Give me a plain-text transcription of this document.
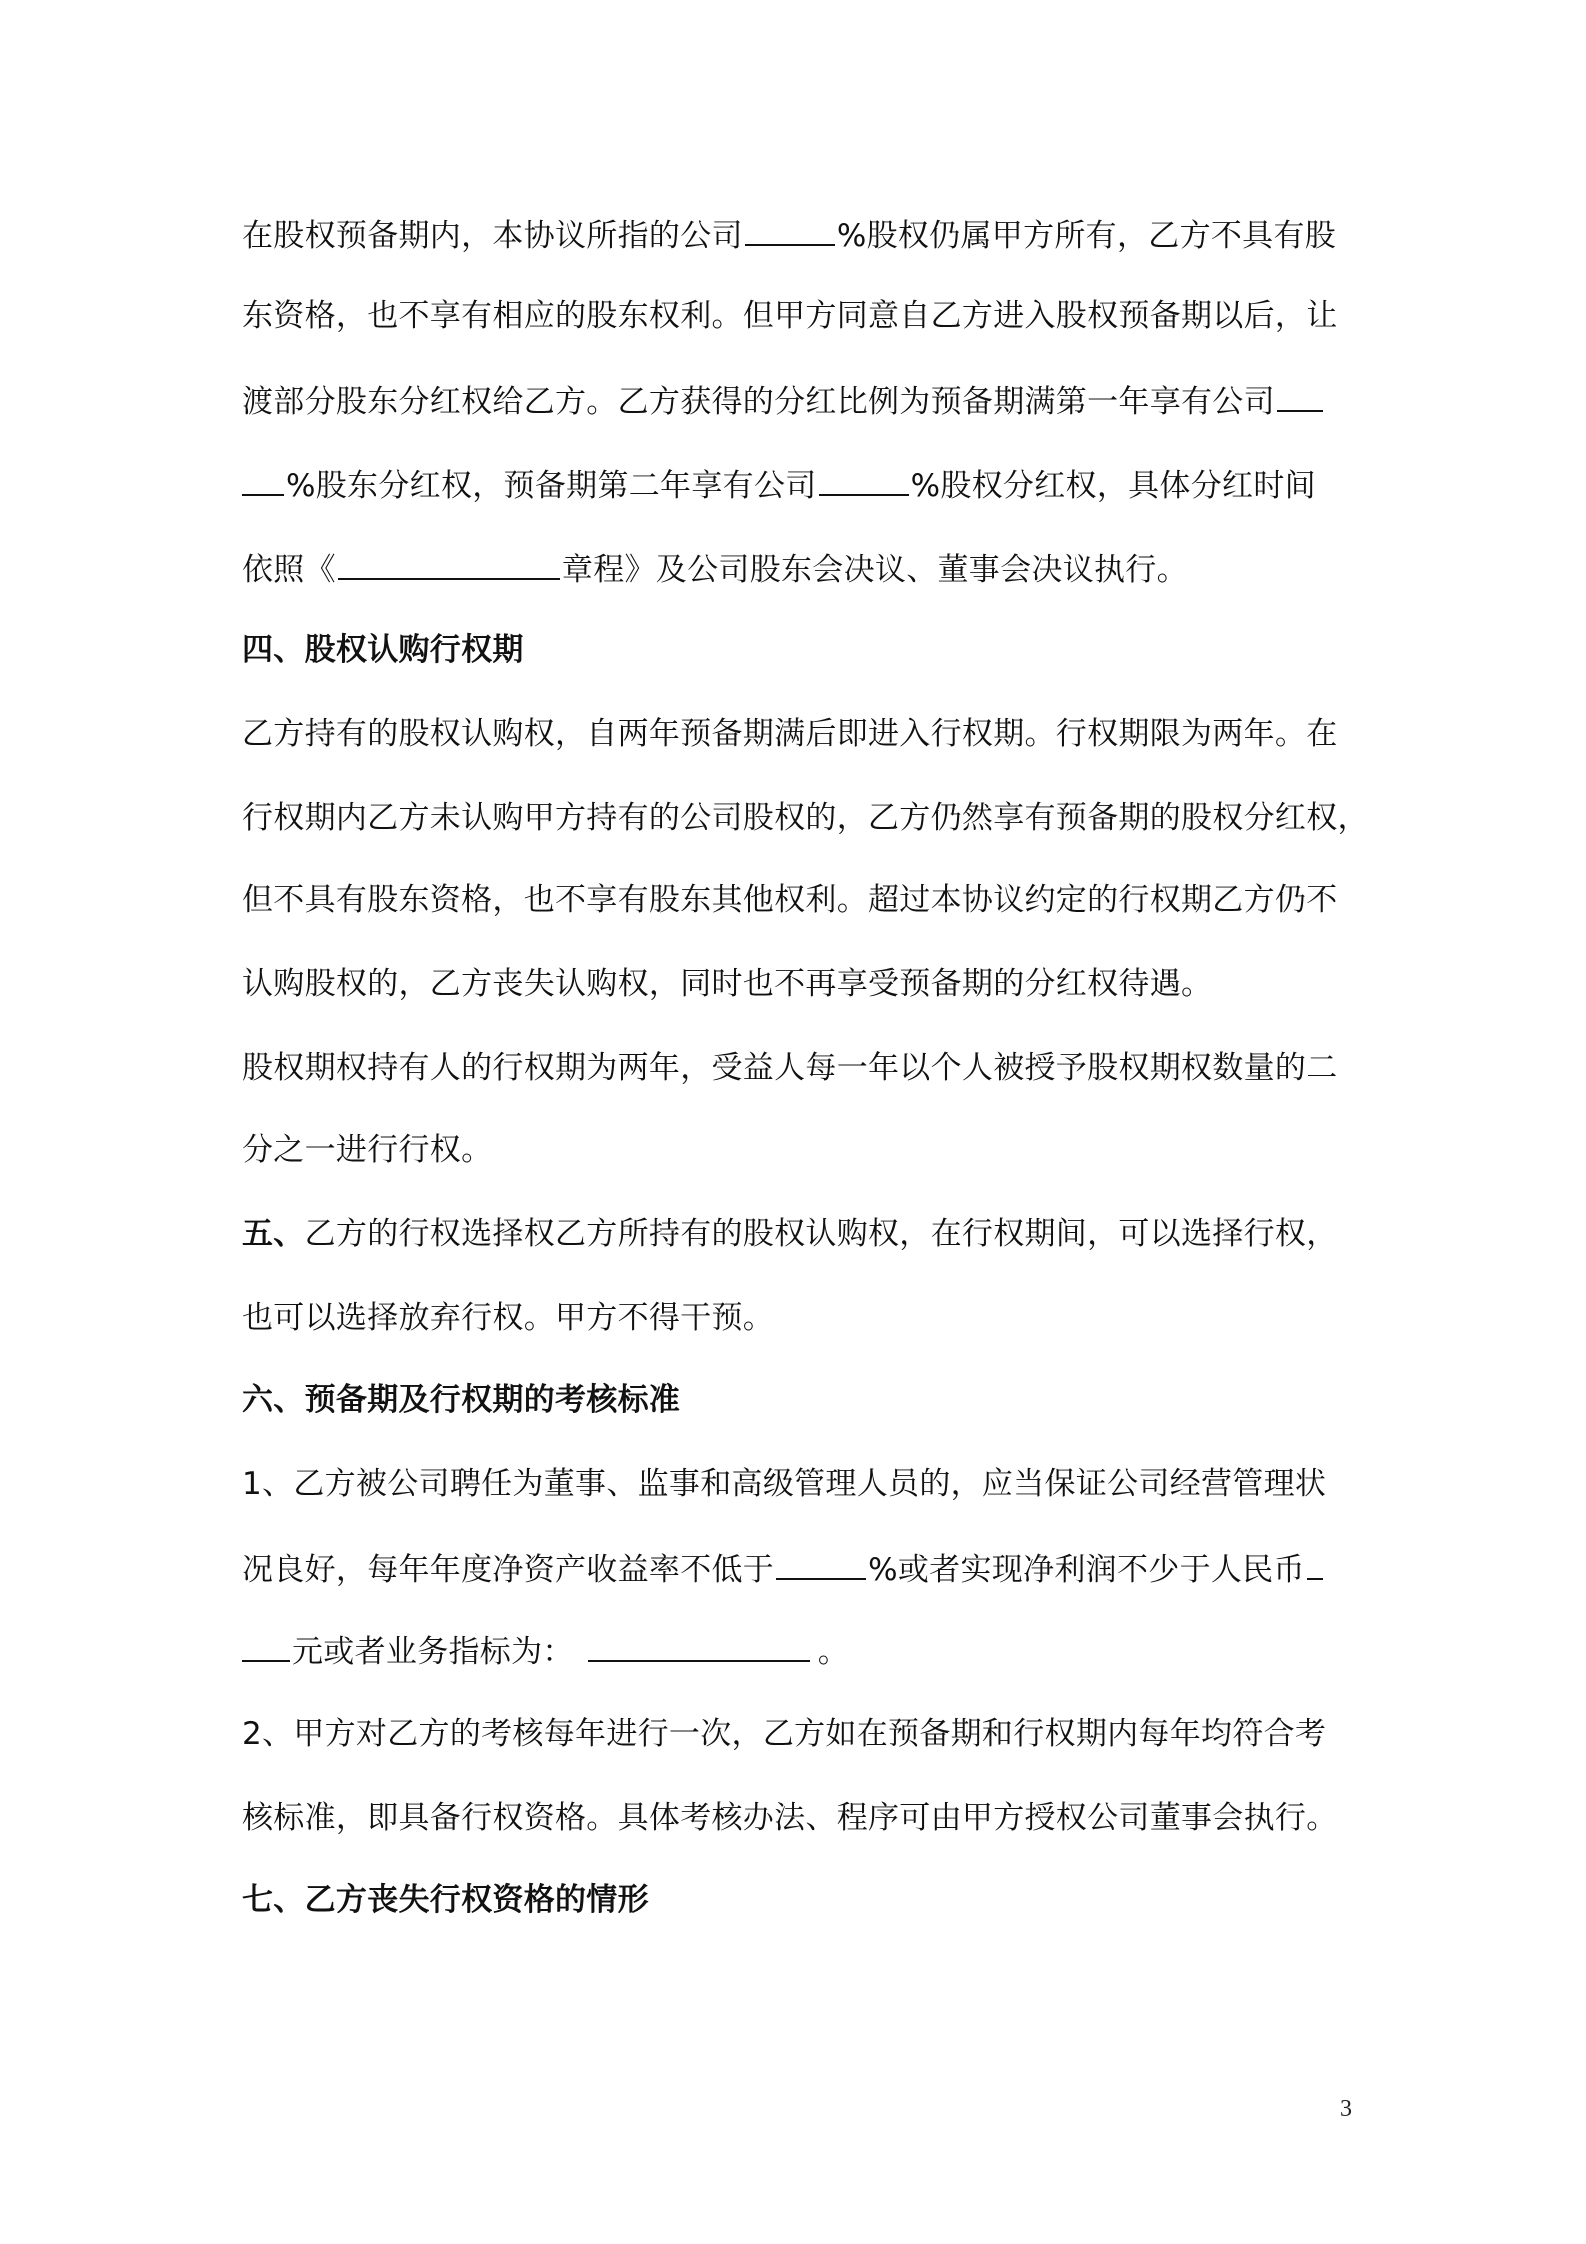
在股权预备期内，本协议所指的公司	%股权仍属甲方所有，乙方不具有股
东资格，也不享有相应的股东权利。但甲方同意自乙方进入股权预备期以后，让
渡部分股东分红权给乙方。乙方获得的分红比例为预备期满第一年享有公司
%股东分红权，预备期第二年享有公司	%股权分红权，具体分红时间
依照《	章程》及公司股东会决议、董事会决议执行。
四、股权认购行权期
乙方持有的股权认购权，自两年预备期满后即进入行权期。行权期限为两年。在
行权期内乙方未认购甲方持有的公司股权的，乙方仍然享有预备期的股权分红权，
但不具有股东资格，也不享有股东其他权利。超过本协议约定的行权期乙方仍不
认购股权的，乙方丧失认购权，同时也不再享受预备期的分红权待遇。
股权期权持有人的行权期为两年，受益人每一年以个人被授予股权期权数量的二
分之一进行行权。
五、乙方的行权选择权乙方所持有的股权认购权，在行权期间，可以选择行权，
也可以选择放弃行权。甲方不得干预。
六、预备期及行权期的考核标准
1、乙方被公司聘任为董事、监事和高级管理人员的，应当保证公司经营管理状
况良好，每年年度净资产收益率不低于	%或者实现净利润不少于人民币
元或者业务指标为：	。
2、甲方对乙方的考核每年进行一次，乙方如在预备期和行权期内每年均符合考
核标准，即具备行权资格。具体考核办法、程序可由甲方授权公司董事会执行。
七、乙方丧失行权资格的情形
3
